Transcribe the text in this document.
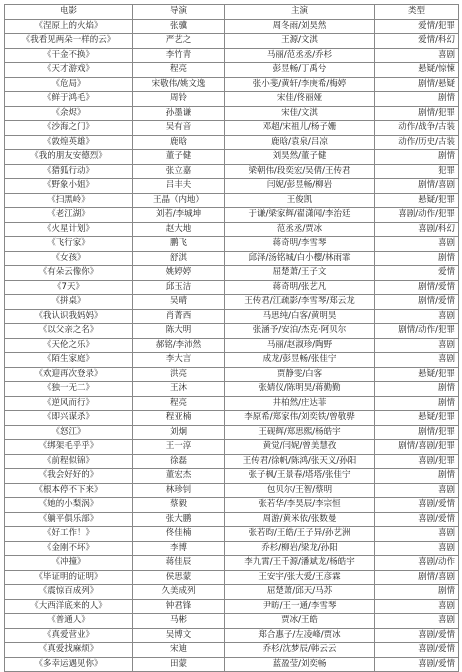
电影	导演	主演	类型
《涅原上的火焰》	张骥	周冬雨/刘昊然	爱情/犯罪
《我看见两朵一样的云》	严艺之	王源/文淇	爱情/科幻
《干金不换》	李竹青	马丽/范丞丞/乔杉	喜剧
《天才游戏》	程亮	彭昱畅/丁禹兮	悬疑/惊悚
《危局》	宋敬伟/姚文逸	张小斐/黄轩/李庚希/梅婷	剧情/悬疑
《鲜于鸿毛》	周铃	宋佳/佟丽娅	剧情
《余烬》	孙墨谦	宋佳/文淇	剧情/犯罪
《沙海之门》	吴有音	邓超/宋祖儿/杨子姗	动作/战争/古装
《敦煌英雄》	鹿晗	鹿晗/袁泉/吕凉	动作/历史/古装
《我的朋友安德烈》	董子健	刘昊然/董子健	剧情
《猎狐行动》	张立嘉	梁朝伟/段奕宏/吴倩/王传君	犯罪
《野象小姐》	吕丰夫	闫妮/彭昱畅/柳岩	剧情/喜剧
《扫黑岭》	王晶（内地）	王俊凯	悬疑/犯罪
《老江湖》	刘若/李城坤	于谦/梁家辉/翟潇闻/李治廷	喜剧/动作/犯罪
《火星计划》	赵大地	范丞丞/贾冰	喜剧/科幻
《飞行家》	鹏飞	蒋奇明/李雪琴	喜剧
《女孩》	舒淇	邱泽/汤铭城/白小樱/林雨霏	剧情
《有朵云像你》	姚婷婷	屈楚萧/王子文	爱情
《7天》	邱玉洁	蒋奇明/张艺凡	剧情/爱情
《拼桌》	吴晴	王传君/江疏影/李雪琴/郑云龙	剧情/爱情
《我认识我妈妈》	肖菁西	马思纯/白客/黄明昊	喜剧
《以父亲之名》	陈大明	张涵予/安泊/杰克·阿贝尔	剧情/动作/犯罪
《天伦之乐》	郝铭/李沛然	马丽/赵淑珍/陶野	喜剧
《陌生家庭》	李大言	成龙/彭昱畅/张佳宁	喜剧
《欢迎再次登录》	洪亮	贾静雯/白客	悬疑/犯罪
《独一无二》	王沐	张婧仪/陈明昊/蒋勤勤	剧情
《逆风而行》	程亮	井柏然/庄达菲	剧情
《即兴谋杀》	程亚楠	李原希/郑家伟/刘奕铁/曾敬骅	悬疑/犯罪
《怒江》	刘炯	王砚辉/郑思熙/杨皓宇	剧情/犯罪
《绑架毛乎乎》	王一淳	黄觉/闫妮/曾美慧孜	剧情/喜剧/犯罪
《前程似锦》	徐磊	王传君/徐帆/陈鸿/张天义/孙阳	喜剧/犯罪
《我会好好的》	董宏杰	张子枫/王景春/塔塔/张佳宁	剧情
《根本停不下来》	林珍钊	包贝尔/王智/蔡明	喜剧
《她的小梨涡》	蔡毅	张若华/李昊辰/李宗恒	喜剧/爱情
《躺平俱乐部》	张大鹏	周游/黄米依/张数曼	喜剧/爱情
《好工作！》	佟佳楠	张若昀/王皓/王子异/孙艺洲	喜剧
《金刚不坏》	李博	乔杉/柳岩/梁龙/孙阳	喜剧
《冲撞》	蒋佳辰	李九霄/王千源/潘斌龙/杨皓宇	喜剧/动作
《毕证明的证明》	侯思蒙	王安宇/张大爱/王彦霖	剧情/喜剧
《震惊百成列》	久美成列	屈楚萧/邱天/马苏	剧情
《大西洋底来的人》	钟君锋	尹昉/王一通/李雪琴	喜剧
《普通人》	马彬	贾冰/王皓	喜剧
《真爱营业》	吴博文	郑合惠子/左凌峰/贾冰	喜剧/爱情
《真爱找麻烦》	宋迪	乔杉/沈梦辰/韩云云	喜剧/爱情
《多幸运遇见你》	田蒙	蓝盈莹/刘奕畅	喜剧/爱情
